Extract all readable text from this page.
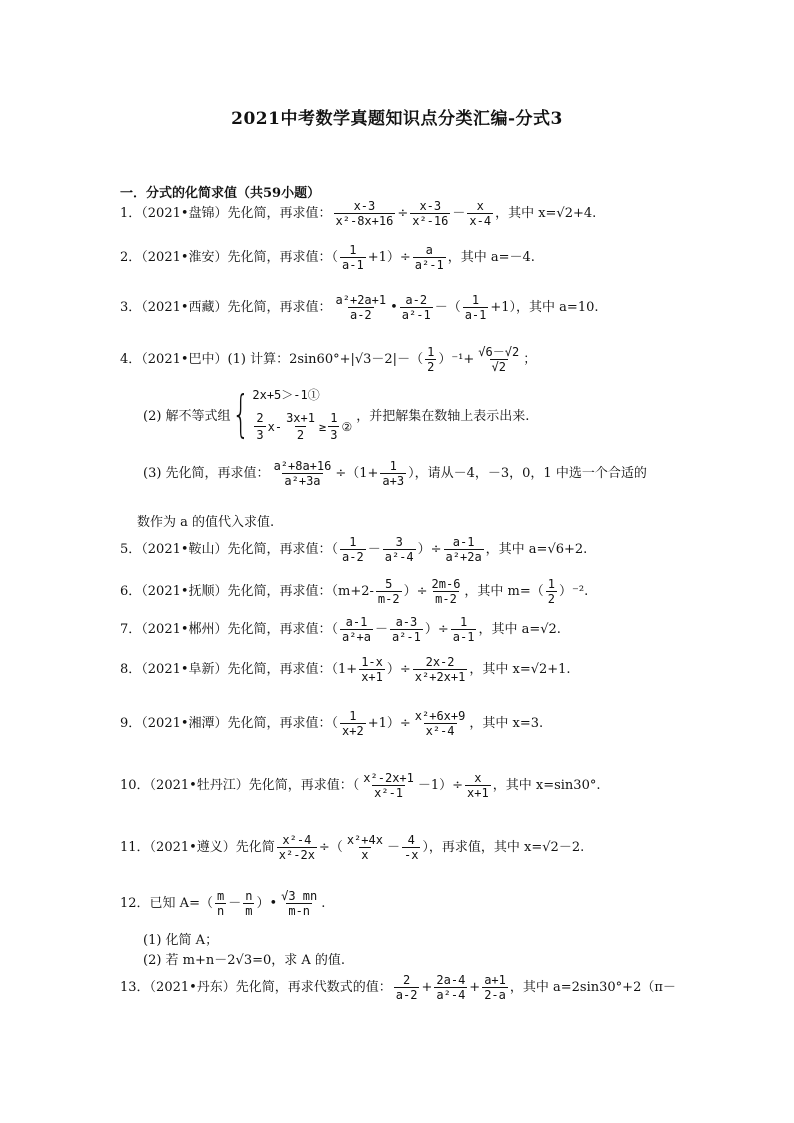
2021中考数学真题知识点分类汇编-分式3
一．分式的化简求值（共59小题）
1．（2021•盘锦）先化简，再求值： $\frac{x-3}{\text{x²-8x+16}} \div \frac{x-3}{\text{x²-16}} - \frac{x}{x-4}$ ，其中 x=√2+4.
2．（2021•淮安）先化简，再求值：（ $\frac{1}{a-1} +1)\div \frac{a}{\text{a²-1}}$ ，其中 a=－4.
3．（2021•西藏）先化简，再求值： $\frac{\text{a²+2a+1}}{a-2}$ • $\frac{a-2}{\text{a²-1}}$ －（ $\frac{1}{a-1} +1$），其中 a=10.
4．（2021•巴中）(1) 计算：$2\sin 60^\circ+|√3-2|-( \frac{1}{2} )^{-1}+ \frac{√6-√2}{√2}$ ；
(2) 解不等式组 { 2x+5＞-1①
$\frac{2}{3} x- \frac{3x+1}{2} \ge \frac{1}{3}$ ②
，并把解集在数轴上表示出来.
(3) 先化简，再求值： $\frac{\text{a²+8a+16}}{\text{a²+3a}} \div(1+ \frac{1}{a+3}$ ），请从－4，－3，0，1 中选一个合适的
数作为 a 的值代入求值.
5．（2021•鞍山）先化简，再求值：（ $\frac{1}{a-2} - \frac{3}{\text{a²-4}}$ ）÷ $\frac{a-1}{\text{a²+2a}}$ ，其中 a=√6+2.
6．（2021•抚顺）先化简，再求值：（$m+2- \frac{5}{m-2}$ ）÷ $\frac{2m-6}{m-2}$ ，其中 $m=( \frac{1}{2} )^{-2}$.
7．（2021•郴州）先化简，再求值：（ $\frac{a-1}{\text{a²+a}} - \frac{a-3}{\text{a²-1}}$ ）÷ $\frac{1}{a-1}$ ，其中 a=√2.
8．（2021•阜新）先化简，再求值：（$1+ \frac{1-x}{x+1}$ ）÷ $\frac{2x-2}{\text{x²+2x+1}}$ ，其中 x=√2+1.
9．（2021•湘潭）先化简，再求值：（ $\frac{1}{x+2} +1)\div \frac{\text{x²+6x+9}}{\text{x²-4}}$ ，其中 x=3.
10．（2021•牡丹江）先化简，再求值：（ $\frac{\text{x²-2x+1}}{\text{x²-1}} -1)\div \frac{x}{x+1}$ ，其中 x=sin30°.
11．（2021•遵义）先化简 $\frac{\text{x²-4}}{\text{x²-2x}}$ ÷（ $\frac{\text{x²+4x}}{x} - \frac{4}{-x}$ ），再求值，其中 x=√2－2.
12．已知 $A=( \frac{m}{n} - \frac{n}{m}$ ）• $\frac{√3 mn}{m-n}$ .
(1) 化简 A；
(2) 若 m+n－2√3=0，求 A 的值.
13．（2021•丹东）先化简，再求代数式的值： $\frac{2}{a-2} + \frac{2a-4}{\text{a²-4}} + \frac{a+1}{2-a}$ ，其中 a=2sin30°+2（π－
